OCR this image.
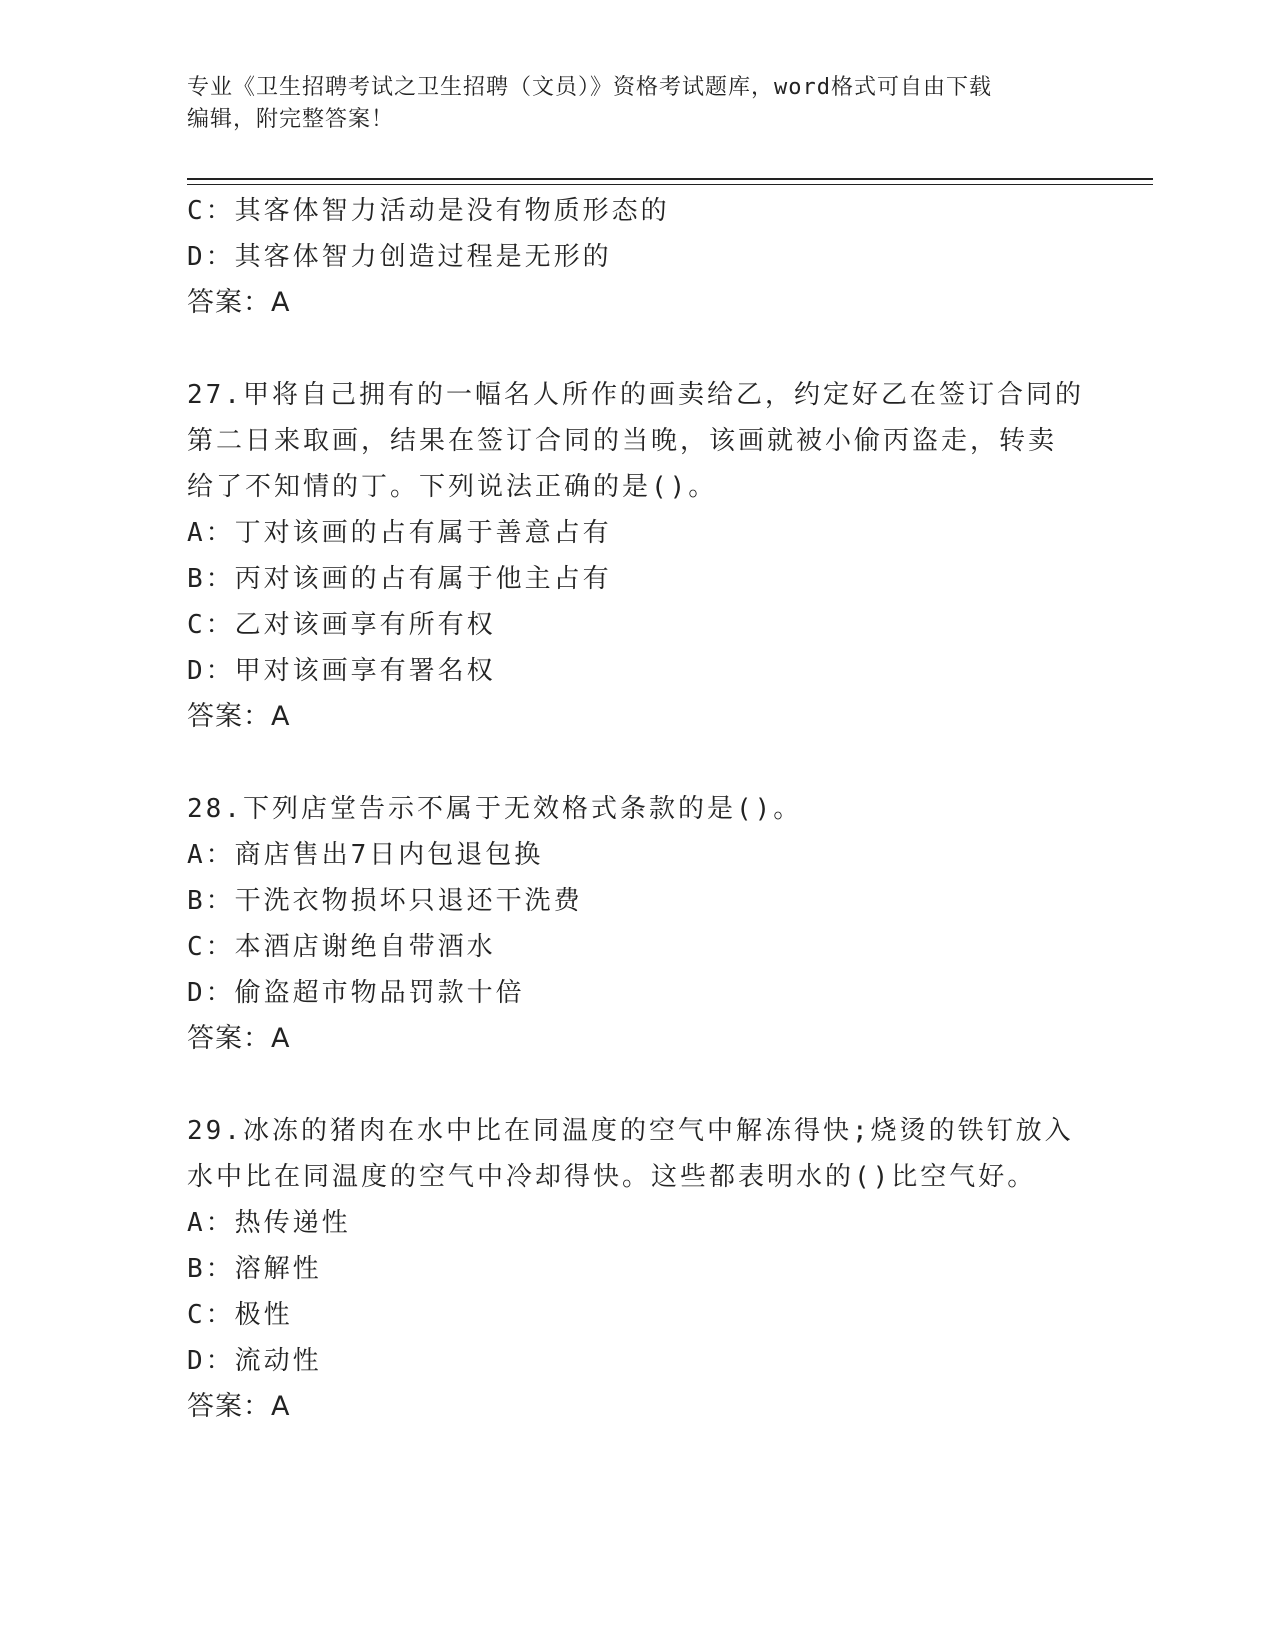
专业《卫生招聘考试之卫生招聘（文员）》资格考试题库，word格式可自由下载
编辑，附完整答案！
C：其客体智力活动是没有物质形态的
D：其客体智力创造过程是无形的
答案：A
27.甲将自己拥有的一幅名人所作的画卖给乙，约定好乙在签订合同的
第二日来取画，结果在签订合同的当晚，该画就被小偷丙盗走，转卖
给了不知情的丁。下列说法正确的是()。
A：丁对该画的占有属于善意占有
B：丙对该画的占有属于他主占有
C：乙对该画享有所有权
D：甲对该画享有署名权
答案：A
28.下列店堂告示不属于无效格式条款的是()。
A：商店售出7日内包退包换
B：干洗衣物损坏只退还干洗费
C：本酒店谢绝自带酒水
D：偷盗超市物品罚款十倍
答案：A
29.冰冻的猪肉在水中比在同温度的空气中解冻得快;烧烫的铁钉放入
水中比在同温度的空气中冷却得快。这些都表明水的()比空气好。
A：热传递性
B：溶解性
C：极性
D：流动性
答案：A
